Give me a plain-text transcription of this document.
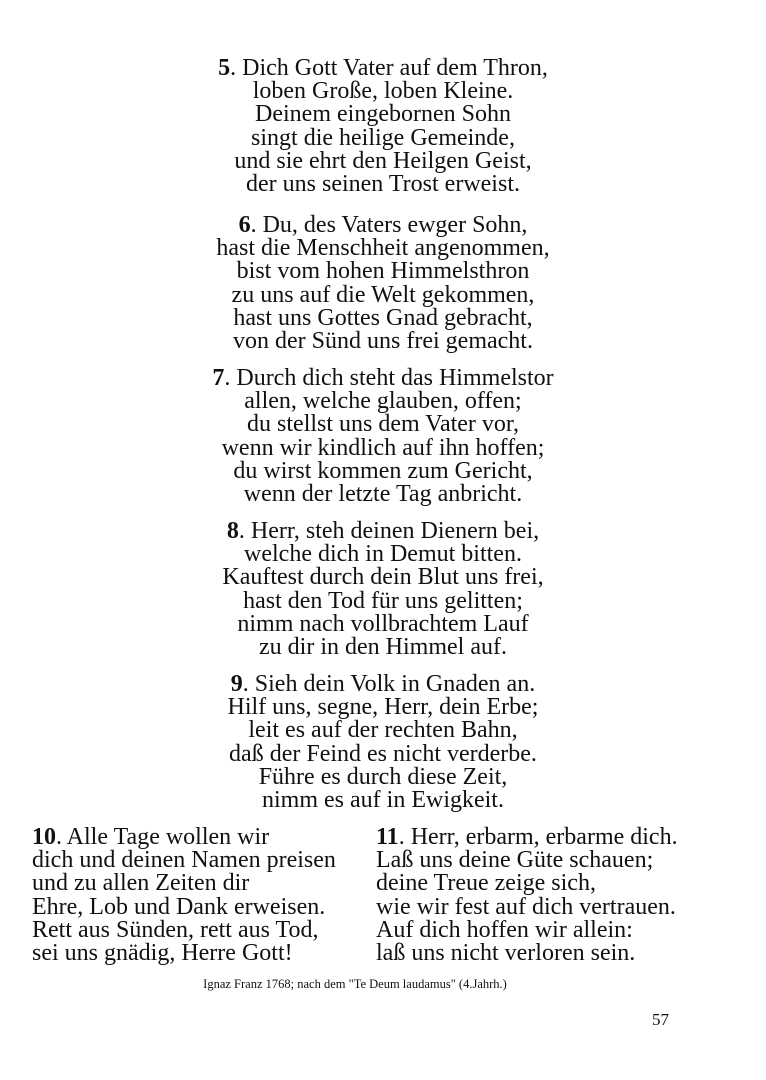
5. Dich Gott Vater auf dem Thron,
loben Große, loben Kleine.
Deinem eingebornen Sohn
singt die heilige Gemeinde,
und sie ehrt den Heilgen Geist,
der uns seinen Trost erweist.
6. Du, des Vaters ewger Sohn,
hast die Menschheit angenommen,
bist vom hohen Himmelsthron
zu uns auf die Welt gekommen,
hast uns Gottes Gnad gebracht,
von der Sünd uns frei gemacht.
7. Durch dich steht das Himmelstor
allen, welche glauben, offen;
du stellst uns dem Vater vor,
wenn wir kindlich auf ihn hoffen;
du wirst kommen zum Gericht,
wenn der letzte Tag anbricht.
8. Herr, steh deinen Dienern bei,
welche dich in Demut bitten.
Kauftest durch dein Blut uns frei,
hast den Tod für uns gelitten;
nimm nach vollbrachtem Lauf
zu dir in den Himmel auf.
9. Sieh dein Volk in Gnaden an.
Hilf uns, segne, Herr, dein Erbe;
leit es auf der rechten Bahn,
daß der Feind es nicht verderbe.
Führe es durch diese Zeit,
nimm es auf in Ewigkeit.
10. Alle Tage wollen wir
dich und deinen Namen preisen
und zu allen Zeiten dir
Ehre, Lob und Dank erweisen.
Rett aus Sünden, rett aus Tod,
sei uns gnädig, Herre Gott!
11. Herr, erbarm, erbarme dich.
Laß uns deine Güte schauen;
deine Treue zeige sich,
wie wir fest auf dich vertrauen.
Auf dich hoffen wir allein:
laß uns nicht verloren sein.
Ignaz Franz 1768; nach dem "Te Deum laudamus" (4.Jahrh.)
57
